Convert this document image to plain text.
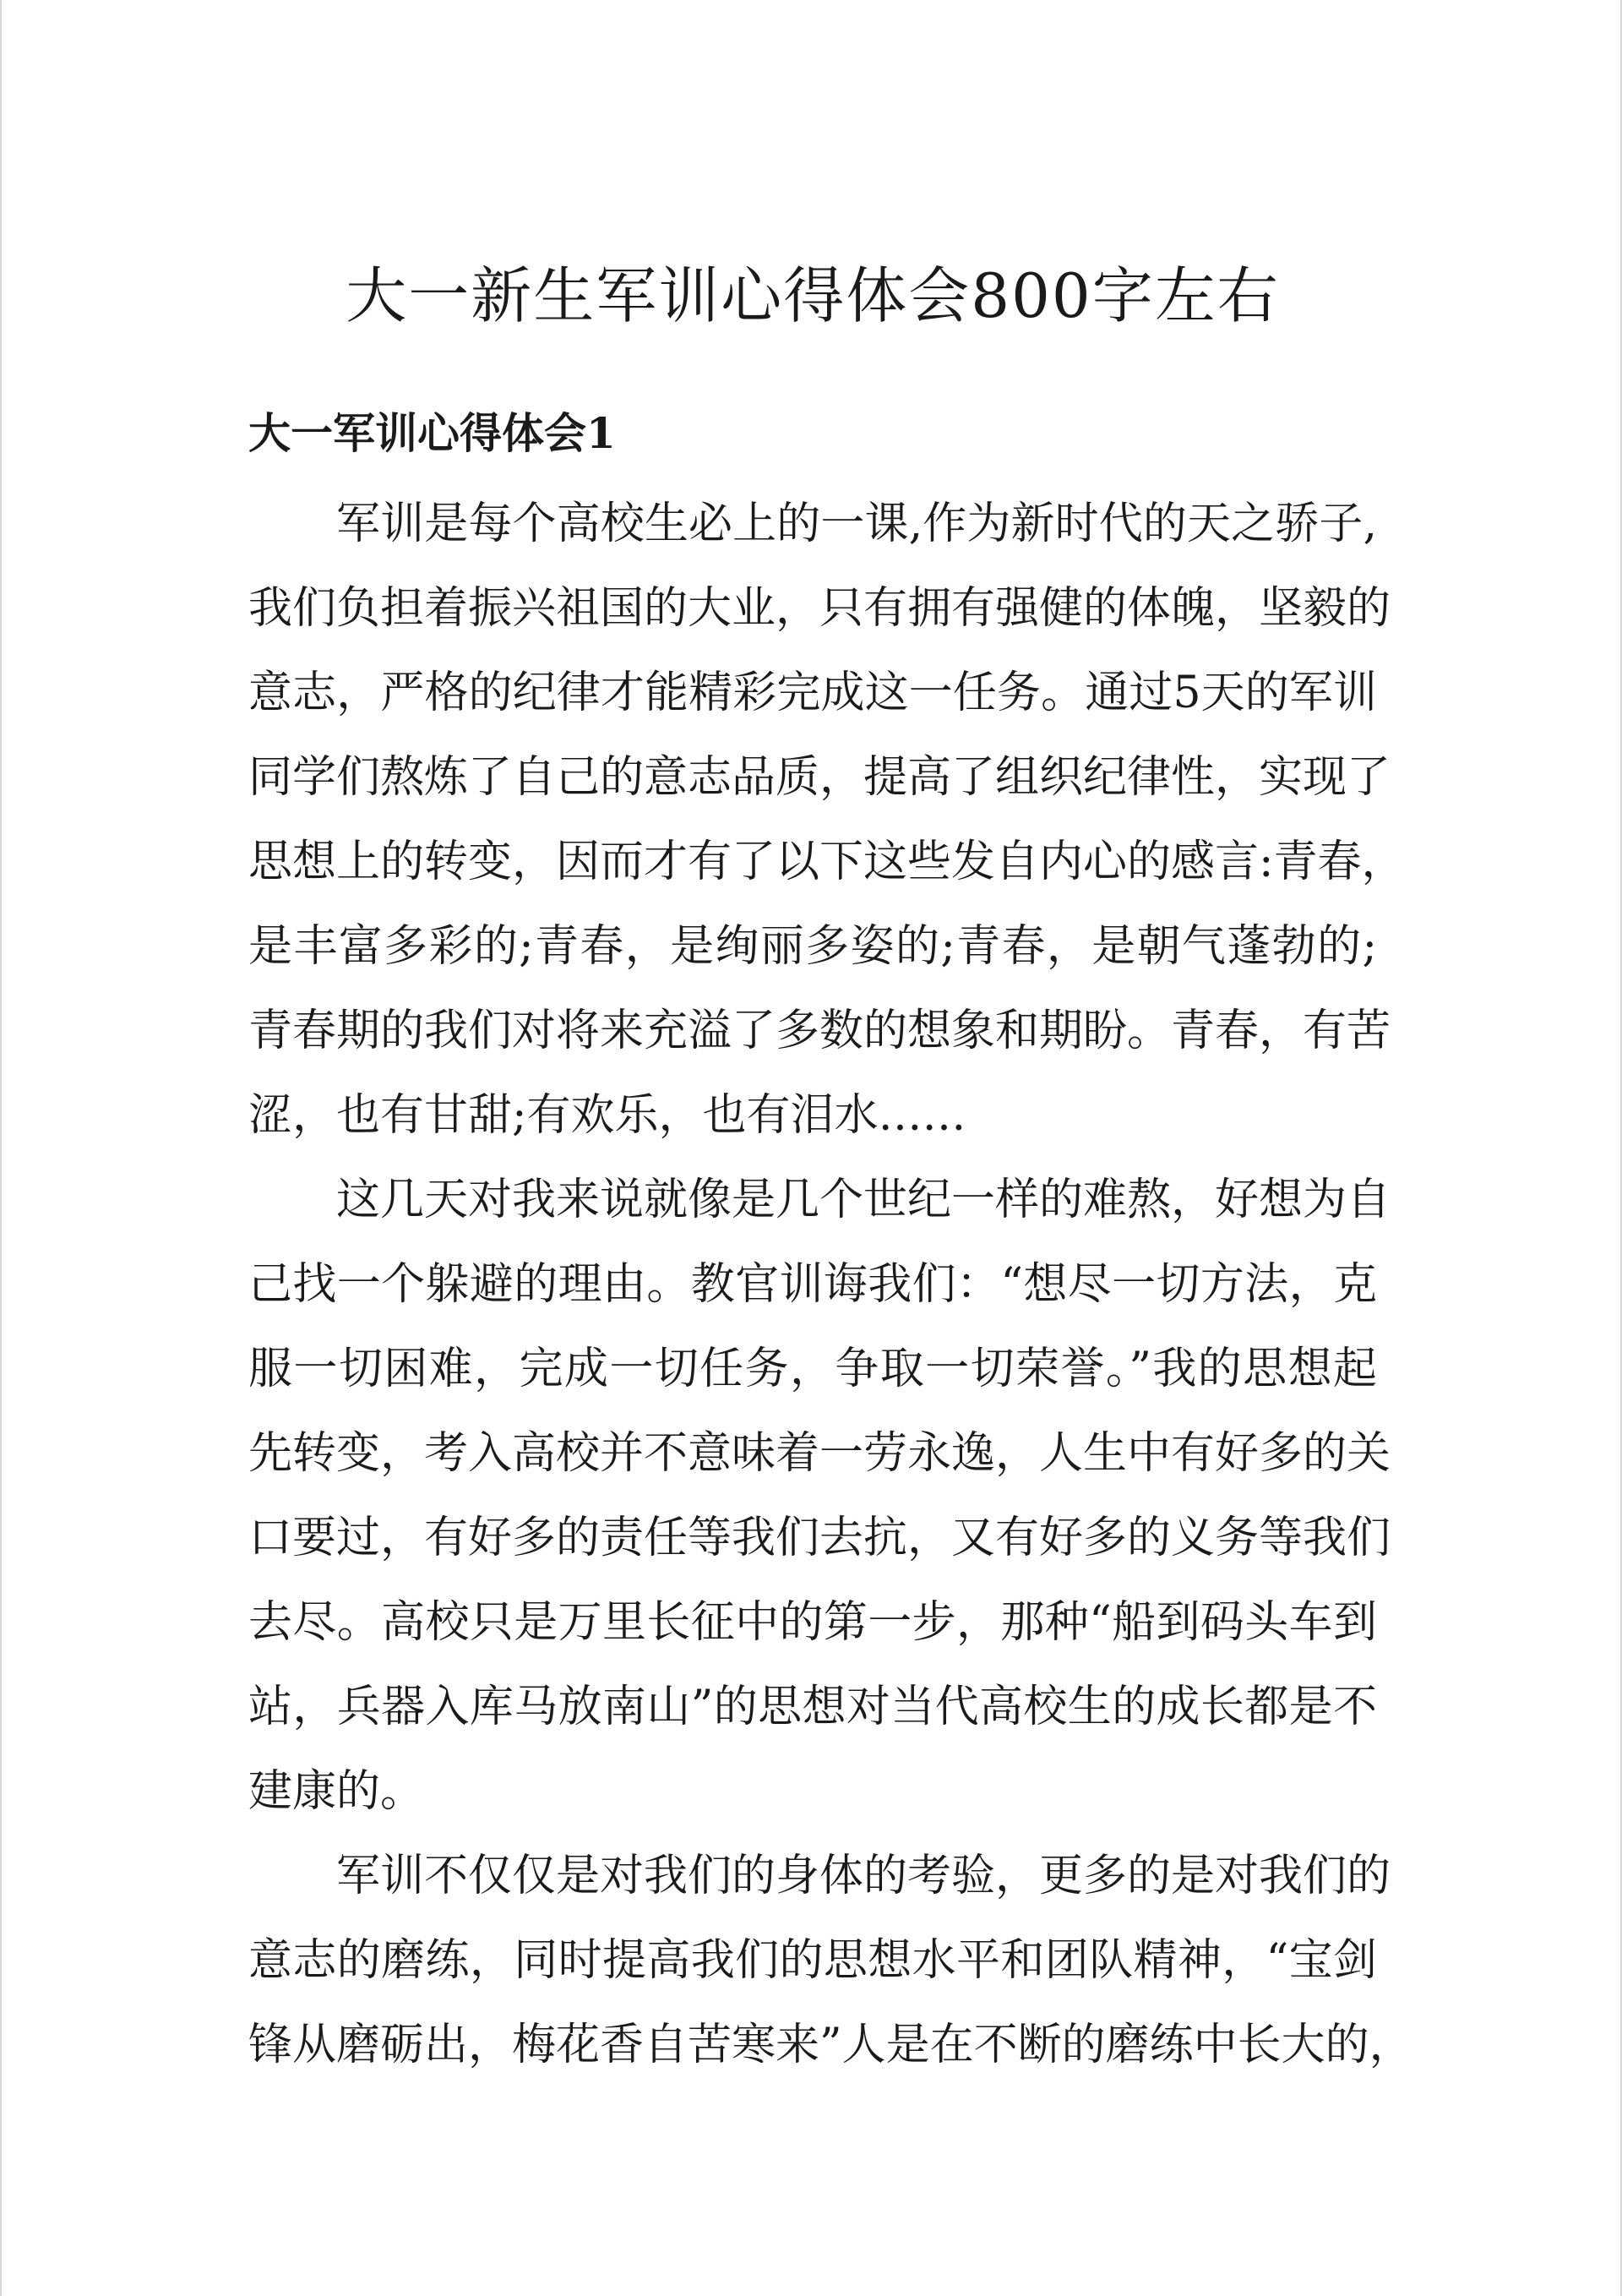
大一新生军训心得体会800字左右
大一军训心得体会1

军训是每个高校生必上的一课,作为新时代的天之骄子,
我们负担着振兴祖国的大业，只有拥有强健的体魄，坚毅的
意志，严格的纪律才能精彩完成这一任务。通过5天的军训
同学们熬炼了自己的意志品质，提高了组织纪律性，实现了
思想上的转变，因而才有了以下这些发自内心的感言:青春，
是丰富多彩的;青春，是绚丽多姿的;青春，是朝气蓬勃的;
青春期的我们对将来充溢了多数的想象和期盼。青春，有苦
涩，也有甘甜;有欢乐，也有泪水……

这几天对我来说就像是几个世纪一样的难熬，好想为自
己找一个躲避的理由。教官训诲我们：“想尽一切方法，克
服一切困难，完成一切任务，争取一切荣誉。”我的思想起
先转变，考入高校并不意味着一劳永逸，人生中有好多的关
口要过，有好多的责任等我们去抗，又有好多的义务等我们
去尽。高校只是万里长征中的第一步，那种“船到码头车到
站，兵器入库马放南山”的思想对当代高校生的成长都是不
建康的。

军训不仅仅是对我们的身体的考验，更多的是对我们的
意志的磨练，同时提高我们的思想水平和团队精神，“宝剑
锋从磨砺出，梅花香自苦寒来”人是在不断的磨练中长大的，
